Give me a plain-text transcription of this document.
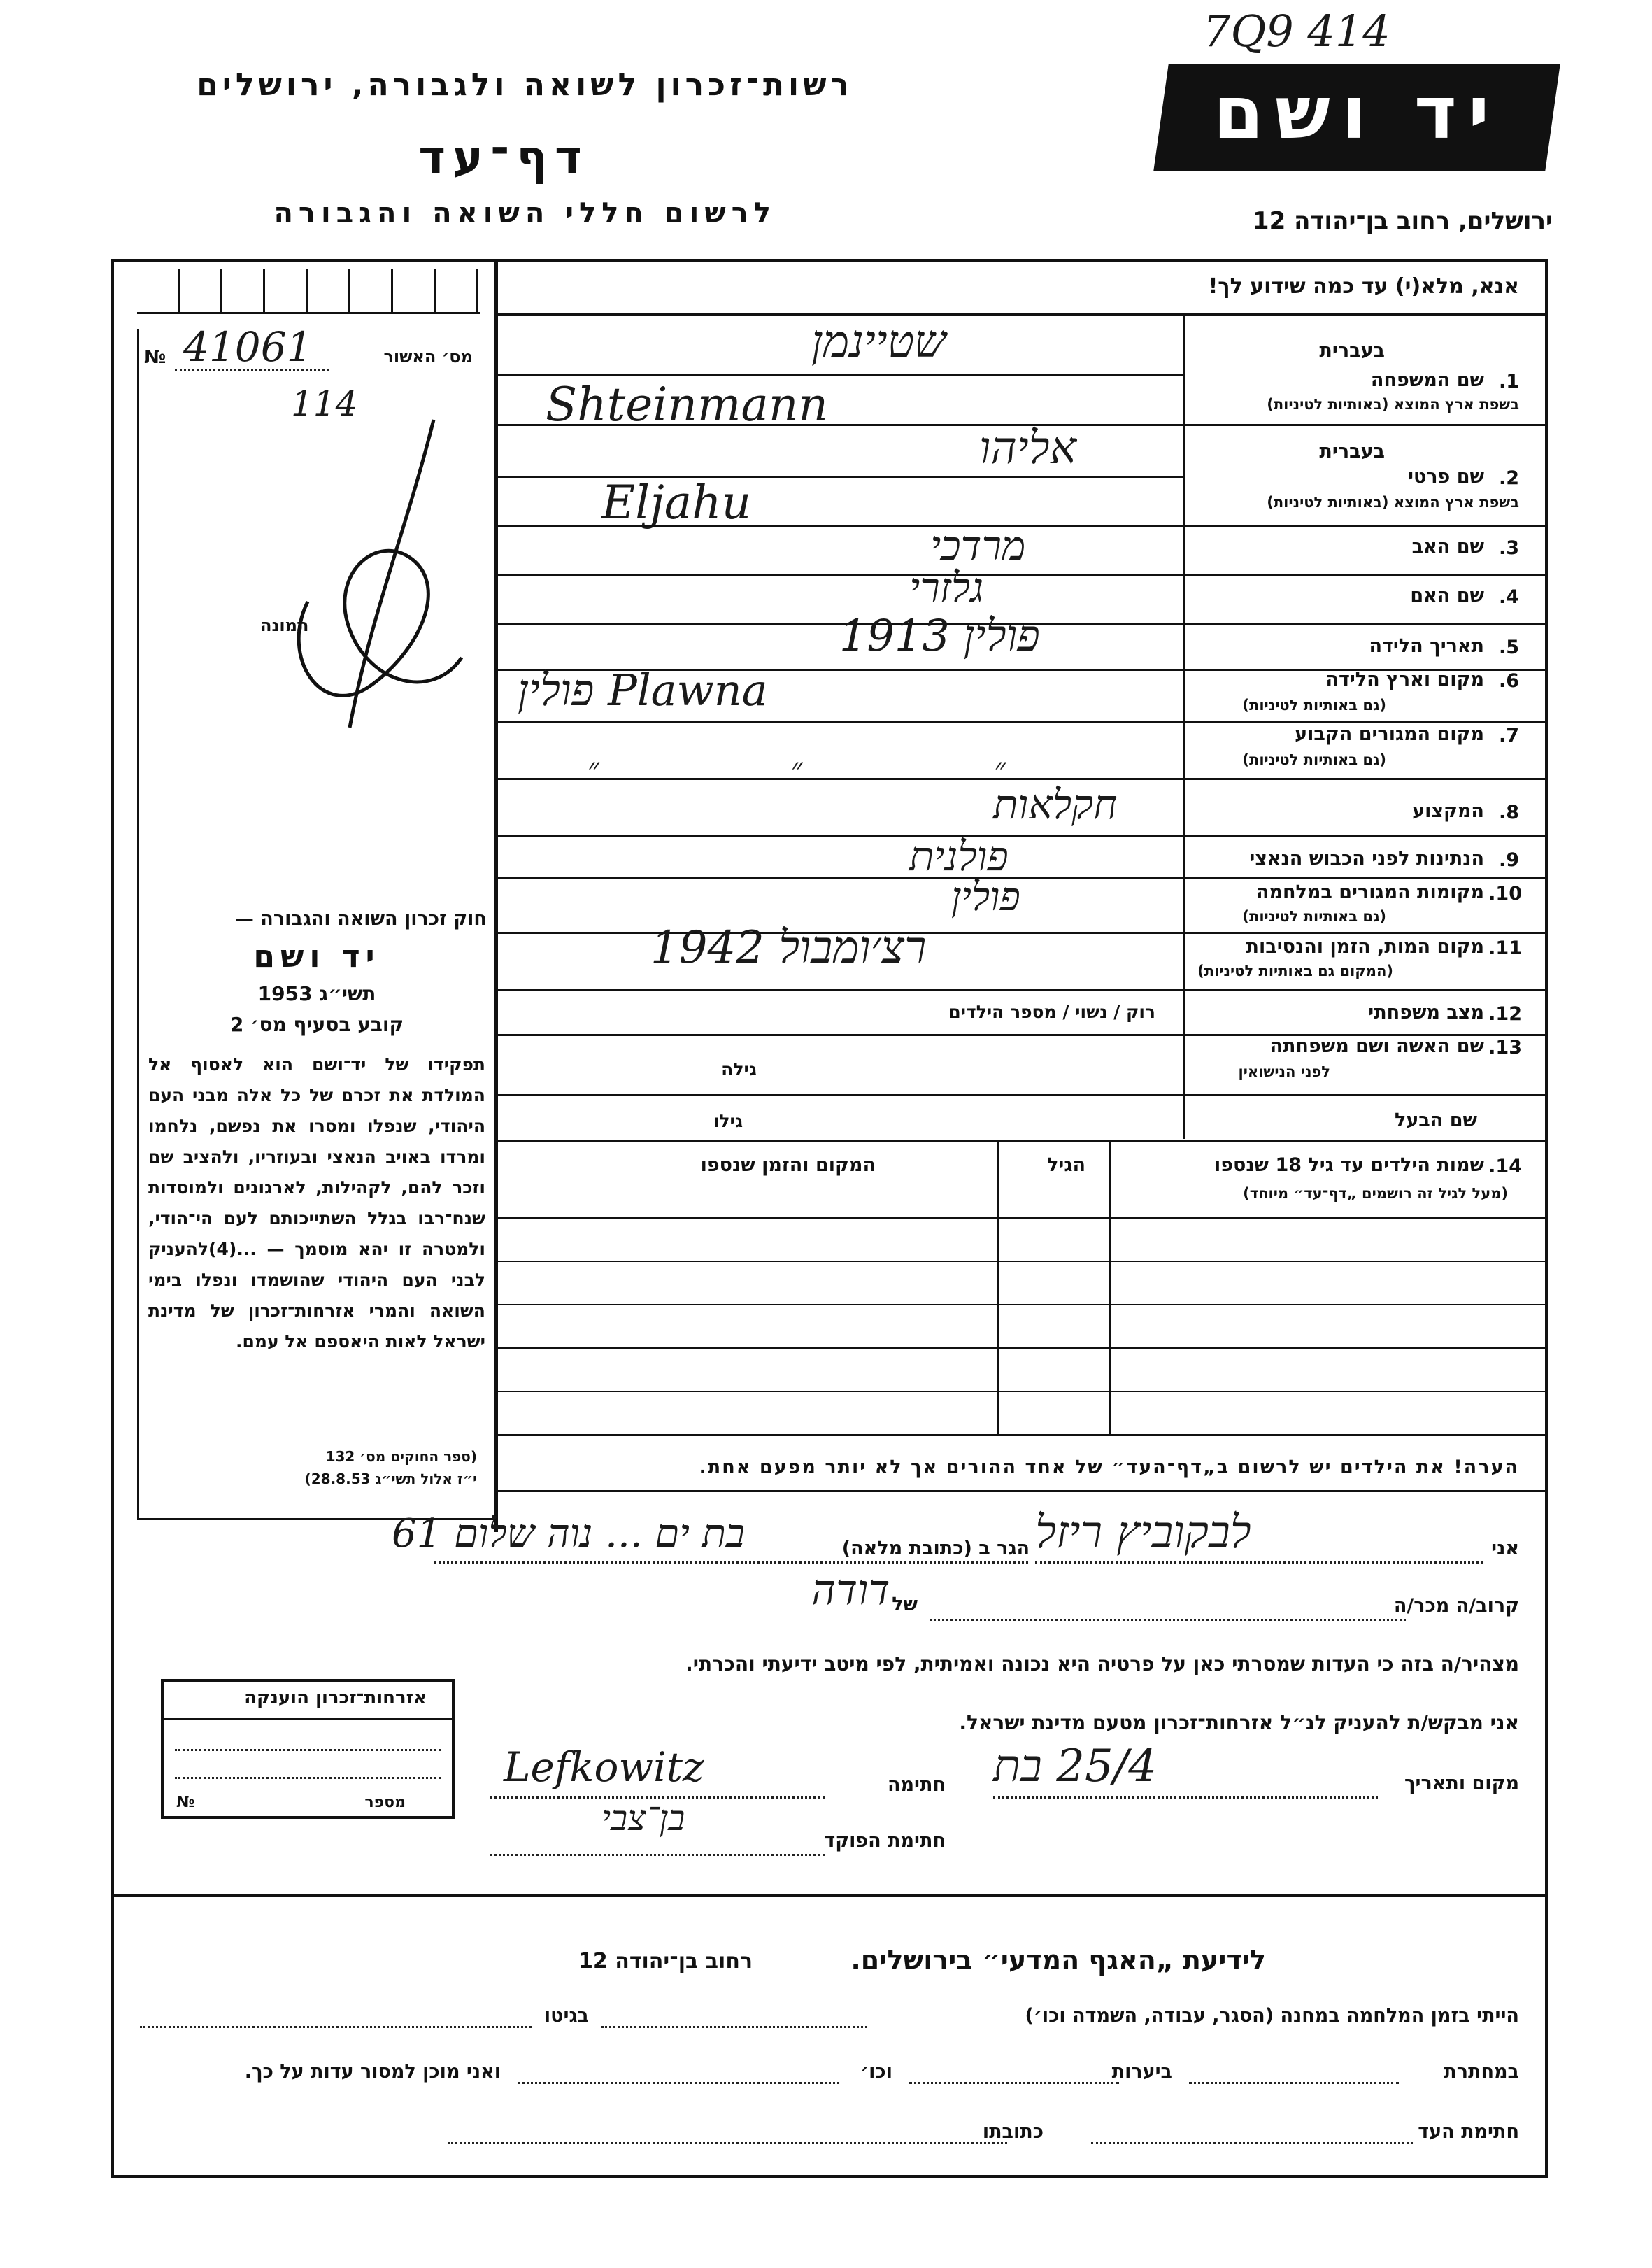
7Q9 414
רשות־זכרון לשואה ולגבורה, ירושלים
דף־עד
לרשום חללי השואה והגבורה
יד ושם
ירושלים, רחוב בן־יהודה 12
אנא, מלא(י) עד כמה שידוע לך!
מס׳ האשור
№ 41061
114
תמונה
חוק זכרון השואה והגבורה —
יד ושם
תשי״ג 1953
קובע בסעיף מס׳ 2
תפקידו של יד־ושם הוא לאסוף אל המולדת את זכרם של כל אלה מבני העם היהודי, שנפלו ומסרו את נפשם, נלחמו ומרדו באויב הנאצי ובעוזריו, ולהציב שם וזכר להם, לקהילות, לארגונים ולמוסדות שנח־רבו בגלל השתייכותם לעם הי־הודי, ולמטרה זו יהא מוסמך — ...(4)להעניק לבני העם היהודי שהושמדו ונפלו בימי השואה והמרי אזרחות־זכרון של מדינת ישראל לאות היאספם אל עמם.
(ספר החוקים מס׳ 132
י״ז אלול תשי״ג 28.8.53)
בעברית
1.
שם המשפחה
בשפת ארץ המוצא (באותיות לטיניות)
שטיינמן
Shteinmann
בעברית
2.
שם פרטי
בשפת ארץ המוצא (באותיות לטיניות)
אליהו
Eljahu
3.
שם האב
מרדכי
4.
שם האם
גלזרי
5.
תאריך הלידה
פולין 1913
6.
מקום וארץ הלידה
(גם באותיות לטיניות)
Plawna פולין
7.
מקום המגורים הקבוע
(גם באותיות לטיניות)
״ ״ ״
8.
המקצוע
חקלאות
9.
הנתינות לפני הכבוש הנאצי
פולנית
10.
מקומות המגורים במלחמה
(גם באותיות לטיניות)
פולין
11.
מקום המות, הזמן והנסיבות
(המקום גם באותיות לטיניות)
רצ׳ומבול 1942
12.
מצב משפחתי
רוק / נשוי / מספר הילדים
13.
שם האשה ושם משפחתה
לפני הנישואין
גילה
שם הבעל
גילו
14.
שמות הילדים עד גיל 18 שנספו
(מעל לגיל זה רושמים „דף־עד״ מיוחד)
הגיל
המקום והזמן שנספו
הערה! את הילדים יש לרשום ב„דף־העד״ של אחד ההורים אך לא יותר מפעם אחת.
אני
לבקוביץ ריזל
הגר ב (כתובת מלאה)
בת ים ... נוה שלום 61
קרוב/ה מכר/ה
של
דודה
מצהיר/ה בזה כי העדות שמסרתי כאן על פרטיה היא נכונה ואמיתית, לפי מיטב ידיעתי והכרתי.
אני מבקש/ת להעניק לנ״ל אזרחות־זכרון מטעם מדינת ישראל.
מקום ותאריך
25/4 בת
חתימה
Lefkowitz
חתימת הפוקד
בן־צבי
אזרחות־זכרון הוענקה
מספר
№
לידיעת „האגף המדעי״ בירושלים.
רחוב בן־יהודה 12
הייתי בזמן המלחמה במחנה (הסגר, עבודה, השמדה וכו׳)
בגיטו
במחתרת
ביערות
וכו׳
ואני מוכן למסור עדות על כך.
חתימת העד
כתובתו
